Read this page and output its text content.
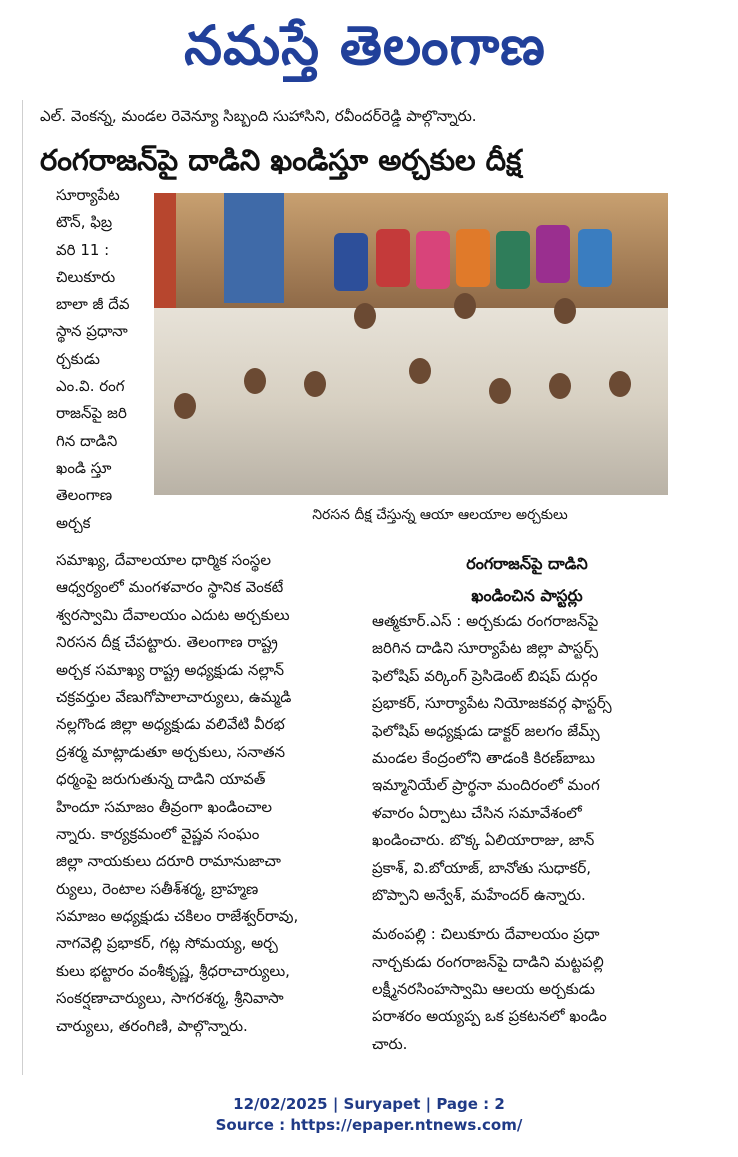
నమస్తే తెలంగాణ
ఎల్. వెంకన్న, మండల రెవెన్యూ సిబ్బంది సుహాసిని, రవీందర్‌రెడ్డి పాల్గొన్నారు.
రంగరాజన్‌పై దాడిని ఖండిస్తూ అర్చకుల దీక్ష
సూర్యాపేట
టౌన్, ఫిబ్ర
వరి 11 :
చిలుకూరు
బాలా జీ దేవ
స్థాన ప్రధానా
ర్చకుడు
ఎం.వి. రంగ
రాజన్‌పై జరి
గిన దాడిని
ఖండి స్తూ
తెలంగాణ
అర్చక	నిరసన దీక్ష చేస్తున్న ఆయా ఆలయాల అర్చకులు
సమాఖ్య, దేవాలయాల ధార్మిక సంస్థల
ఆధ్వర్యంలో మంగళవారం స్థానిక వెంకటే
శ్వరస్వామి దేవాలయం ఎదుట అర్చకులు
నిరసన దీక్ష చేపట్టారు. తెలంగాణ రాష్ట్ర
అర్చక సమాఖ్య రాష్ట్ర అధ్యక్షుడు నల్లాన్
చక్రవర్తుల వేణుగోపాలాచార్యులు, ఉమ్మడి
నల్లగొండ జిల్లా అధ్యక్షుడు వలివేటి వీరభ
ద్రశర్మ మాట్లాడుతూ అర్చకులు, సనాతన
ధర్మంపై జరుగుతున్న దాడిని యావత్
హిందూ సమాజం తీవ్రంగా ఖండించాల
న్నారు. కార్యక్రమంలో వైష్ణవ సంఘం
జిల్లా నాయకులు దరూరి రామానుజాచా
ర్యులు, రెంటాల సతీశ్‌శర్మ, బ్రాహ్మణ
సమాజం అధ్యక్షుడు చకిలం రాజేశ్వర్‌రావు,
నాగవెల్లి ప్రభాకర్, గట్ల సోమయ్య, అర్చ
కులు భట్టారం వంశీకృష్ణ, శ్రీధరాచార్యులు,
సంకర్షణాచార్యులు, సాగరశర్మ, శ్రీనివాసా
చార్యులు, తరంగిణి, పాల్గొన్నారు.
రంగరాజన్‌పై దాడిని
ఖండించిన పాస్టర్లు
ఆత్మకూర్.ఎస్ : అర్చకుడు రంగరాజన్‌పై
జరిగిన దాడిని సూర్యాపేట జిల్లా పాస్టర్స్
ఫెలోషిప్ వర్కింగ్ ప్రెసిడెంట్ బిషప్ దుర్గం
ప్రభాకర్, సూర్యాపేట నియోజకవర్గ ఫాస్టర్స్
ఫెలోషిప్ అధ్యక్షుడు డాక్టర్ జలగం జేమ్స్
మండల కేంద్రంలోని తాడంకి కిరణ్‌బాబు
ఇమ్మానియేల్ ప్రార్థనా మందిరంలో మంగ
ళవారం ఏర్పాటు చేసిన సమావేశంలో
ఖండించారు. బొక్క ఏలియారాజు, జాన్
ప్రకాశ్, వి.బోయాజ్, బానోతు సుధాకర్,
బొప్పాని అన్వేశ్, మహేందర్ ఉన్నారు.
మఠంపల్లి : చిలుకూరు దేవాలయం ప్రధా
నార్చకుడు రంగరాజన్‌పై దాడిని మట్టపల్లి
లక్ష్మీనరసింహస్వామి ఆలయ అర్చకుడు
పరాశరం అయ్యప్ప ఒక ప్రకటనలో ఖండిం
చారు.
12/02/2025 | Suryapet | Page : 2
Source : https://epaper.ntnews.com/
